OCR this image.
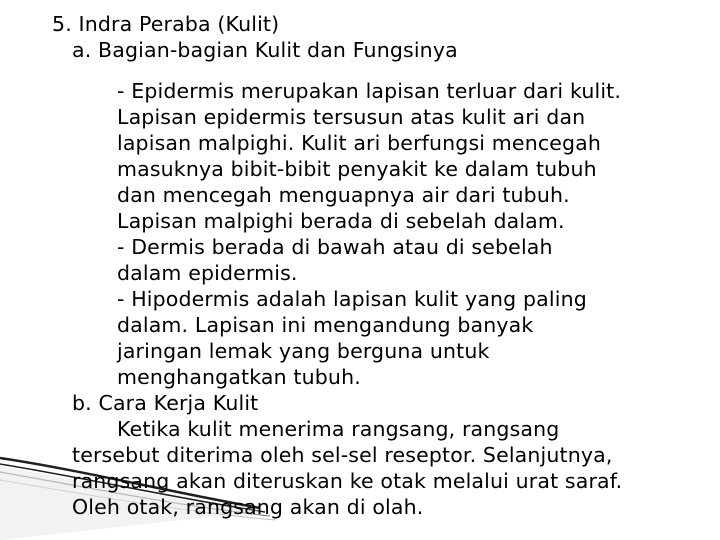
5. Indra Peraba (Kulit)
a. Bagian-bagian Kulit dan Fungsinya
- Epidermis merupakan lapisan terluar dari kulit.
Lapisan epidermis tersusun atas kulit ari dan
lapisan malpighi. Kulit ari berfungsi mencegah
masuknya bibit-bibit penyakit ke dalam tubuh
dan mencegah menguapnya air dari tubuh.
Lapisan malpighi berada di sebelah dalam.
- Dermis berada di bawah atau di sebelah
dalam epidermis.
- Hipodermis adalah lapisan kulit yang paling
dalam. Lapisan ini mengandung banyak
jaringan lemak yang berguna untuk
menghangatkan tubuh.
b. Cara Kerja Kulit
Ketika kulit menerima rangsang, rangsang
tersebut diterima oleh sel-sel reseptor. Selanjutnya,
rangsang akan diteruskan ke otak melalui urat saraf.
Oleh otak, rangsang akan di olah.
